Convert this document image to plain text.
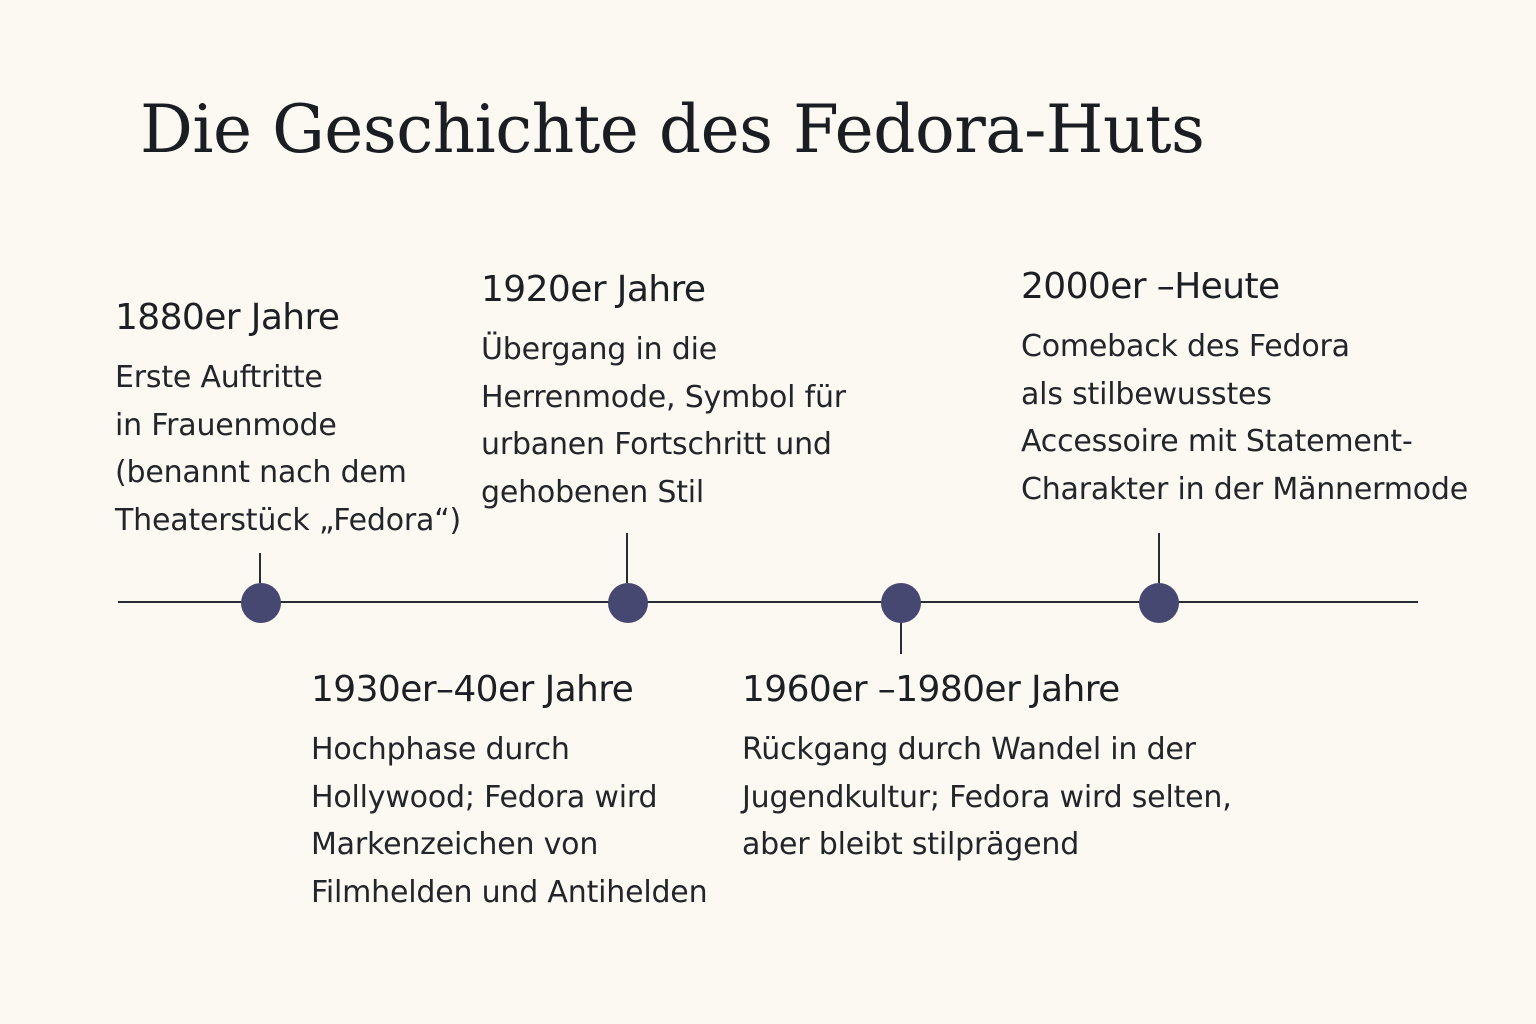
Die Geschichte des Fedora-Huts

1880er Jahre

Erste Auftritte
in Frauenmode
(benannt nach dem
Theaterstück „Fedora“)

1920er Jahre

Übergang in die
Herrenmode, Symbol für
urbanen Fortschritt und
gehobenen Stil

1930er–40er Jahre

Hochphase durch
Hollywood; Fedora wird
Markenzeichen von
Filmhelden und Antihelden

1960er –1980er Jahre

Rückgang durch Wandel in der
Jugendkultur; Fedora wird selten,
aber bleibt stilprägend

2000er –Heute

Comeback des Fedora
als stilbewusstes
Accessoire mit Statement-
Charakter in der Männermode
